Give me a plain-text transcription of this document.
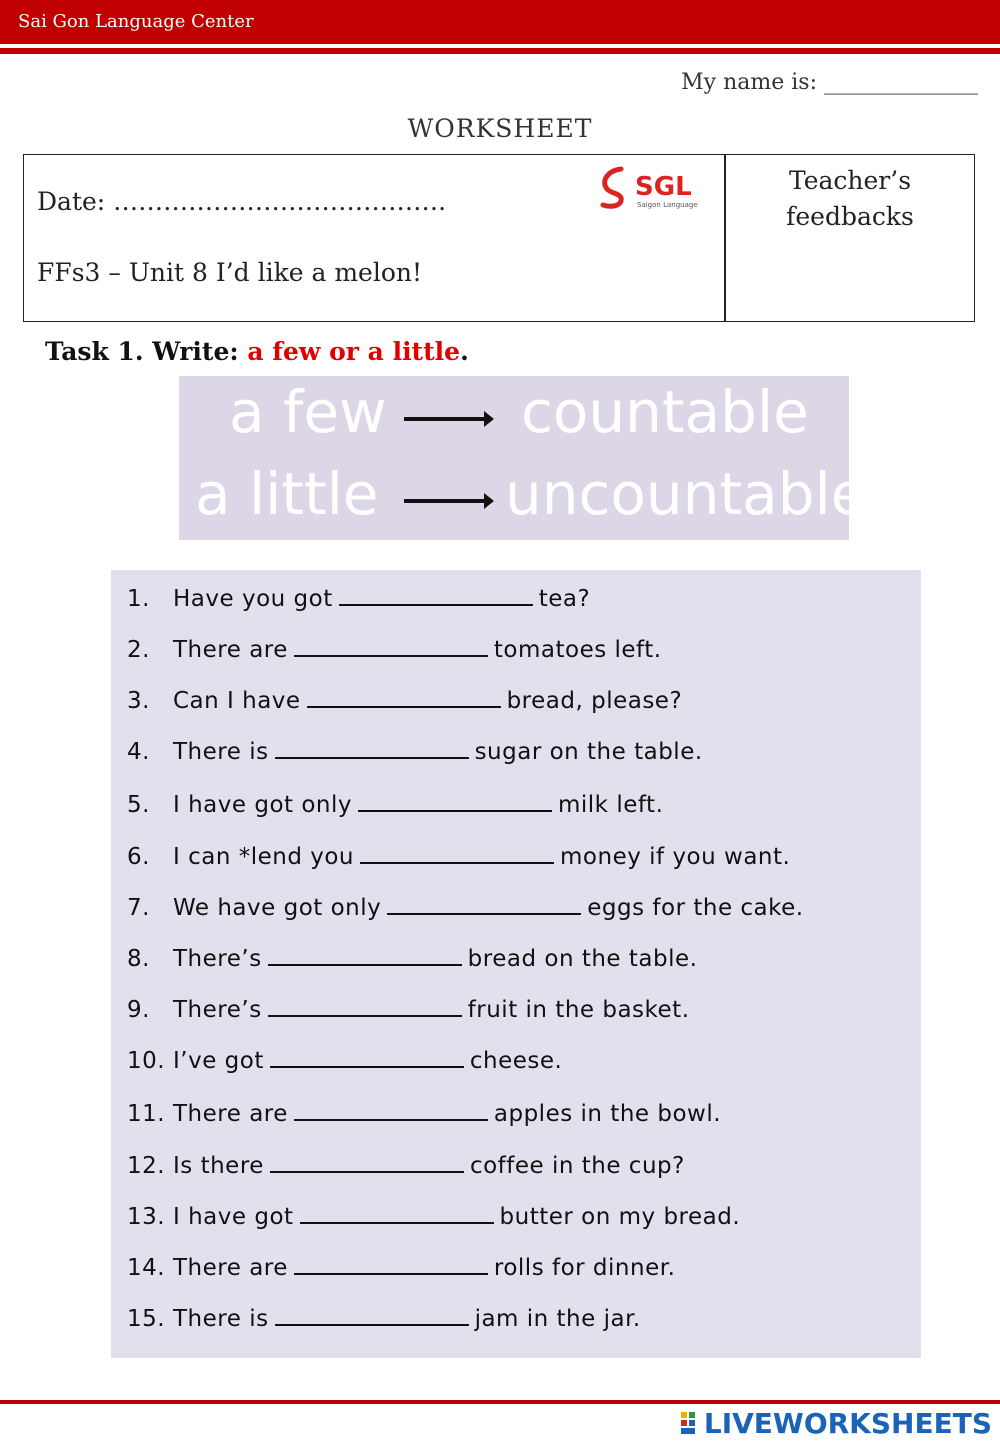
Sai Gon Language Center
My name is: ______________
WORKSHEET
Date: ………………………………….
FFs3 – Unit 8 I’d like a melon!
SGL
Saigon Language
Teacher’s
feedbacks
Task 1. Write: a few or a little.
a few countable
a little uncountable
1. Have you got	tea?
2. There are	tomatoes left.
3. Can I have	bread, please?
4. There is	sugar on the table.
5. I have got only	milk left.
6. I can *lend you	money if you want.
7. We have got only	eggs for the cake.
8. There’s	bread on the table.
9. There’s	fruit in the basket.
10. I’ve got	cheese.
11. There are	apples in the bowl.
12. Is there	coffee in the cup?
13. I have got	butter on my bread.
14. There are	rolls for dinner.
15. There is	jam in the jar.
LIVEWORKSHEETS
